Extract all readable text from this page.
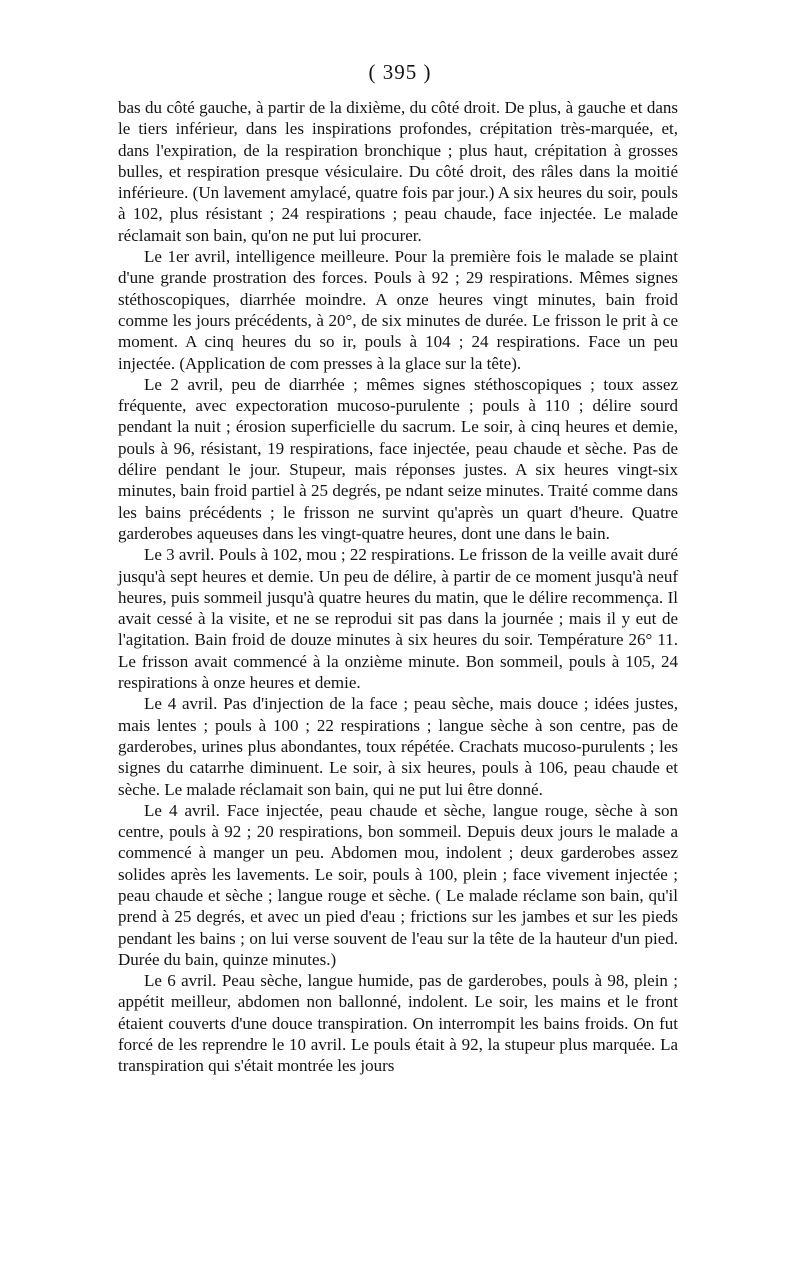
( 395 )

bas du côté gauche, à partir de la dixième, du côté droit. De plus, à gauche et dans le tiers inférieur, dans les inspirations profondes, crépitation très-marquée, et, dans l'expiration, de la respiration bronchique ; plus haut, crépitation à grosses bulles, et respiration presque vésiculaire. Du côté droit, des râles dans la moitié inférieure. (Un lavement amylacé, quatre fois par jour.) A six heures du soir, pouls à 102, plus résistant ; 24 respirations ; peau chaude, face injectée. Le malade réclamait son bain, qu'on ne put lui procurer.

Le 1er avril, intelligence meilleure. Pour la première fois le malade se plaint d'une grande prostration des forces. Pouls à 92 ; 29 respirations. Mêmes signes stéthoscopiques, diarrhée moindre. A onze heures vingt minutes, bain froid comme les jours précédents, à 20°, de six minutes de durée. Le frisson le prit à ce moment. A cinq heures du so ir, pouls à 104 ; 24 respirations. Face un peu injectée. (Application de com presses à la glace sur la tête).

Le 2 avril, peu de diarrhée ; mêmes signes stéthoscopiques ; toux assez fréquente, avec expectoration mucoso-purulente ; pouls à 110 ; délire sourd pendant la nuit ; érosion superficielle du sacrum. Le soir, à cinq heures et demie, pouls à 96, résistant, 19 respirations, face injectée, peau chaude et sèche. Pas de délire pendant le jour. Stupeur, mais réponses justes. A six heures vingt-six minutes, bain froid partiel à 25 degrés, pe ndant seize minutes. Traité comme dans les bains précédents ; le frisson ne survint qu'après un quart d'heure. Quatre garderobes aqueuses dans les vingt-quatre heures, dont une dans le bain.

Le 3 avril. Pouls à 102, mou ; 22 respirations. Le frisson de la veille avait duré jusqu'à sept heures et demie. Un peu de délire, à partir de ce moment jusqu'à neuf heures, puis sommeil jusqu'à quatre heures du matin, que le délire recommença. Il avait cessé à la visite, et ne se reprodui sit pas dans la journée ; mais il y eut de l'agitation. Bain froid de douze minutes à six heures du soir. Température 26° 11. Le frisson avait commencé à la onzième minute. Bon sommeil, pouls à 105, 24 respirations à onze heures et demie.

Le 4 avril. Pas d'injection de la face ; peau sèche, mais douce ; idées justes, mais lentes ; pouls à 100 ; 22 respirations ; langue sèche à son centre, pas de garderobes, urines plus abondantes, toux répétée. Crachats mucoso-purulents ; les signes du catarrhe diminuent. Le soir, à six heures, pouls à 106, peau chaude et sèche. Le malade réclamait son bain, qui ne put lui être donné.

Le 4 avril. Face injectée, peau chaude et sèche, langue rouge, sèche à son centre, pouls à 92 ; 20 respirations, bon sommeil. Depuis deux jours le malade a commencé à manger un peu. Abdomen mou, indolent ; deux garderobes assez solides après les lavements. Le soir, pouls à 100, plein ; face vivement injectée ; peau chaude et sèche ; langue rouge et sèche. ( Le malade réclame son bain, qu'il prend à 25 degrés, et avec un pied d'eau ; frictions sur les jambes et sur les pieds pendant les bains ; on lui verse souvent de l'eau sur la tête de la hauteur d'un pied. Durée du bain, quinze minutes.)

Le 6 avril. Peau sèche, langue humide, pas de garderobes, pouls à 98, plein ; appétit meilleur, abdomen non ballonné, indolent. Le soir, les mains et le front étaient couverts d'une douce transpiration. On interrompit les bains froids. On fut forcé de les reprendre le 10 avril. Le pouls était à 92, la stupeur plus marquée. La transpiration qui s'était montrée les jours
